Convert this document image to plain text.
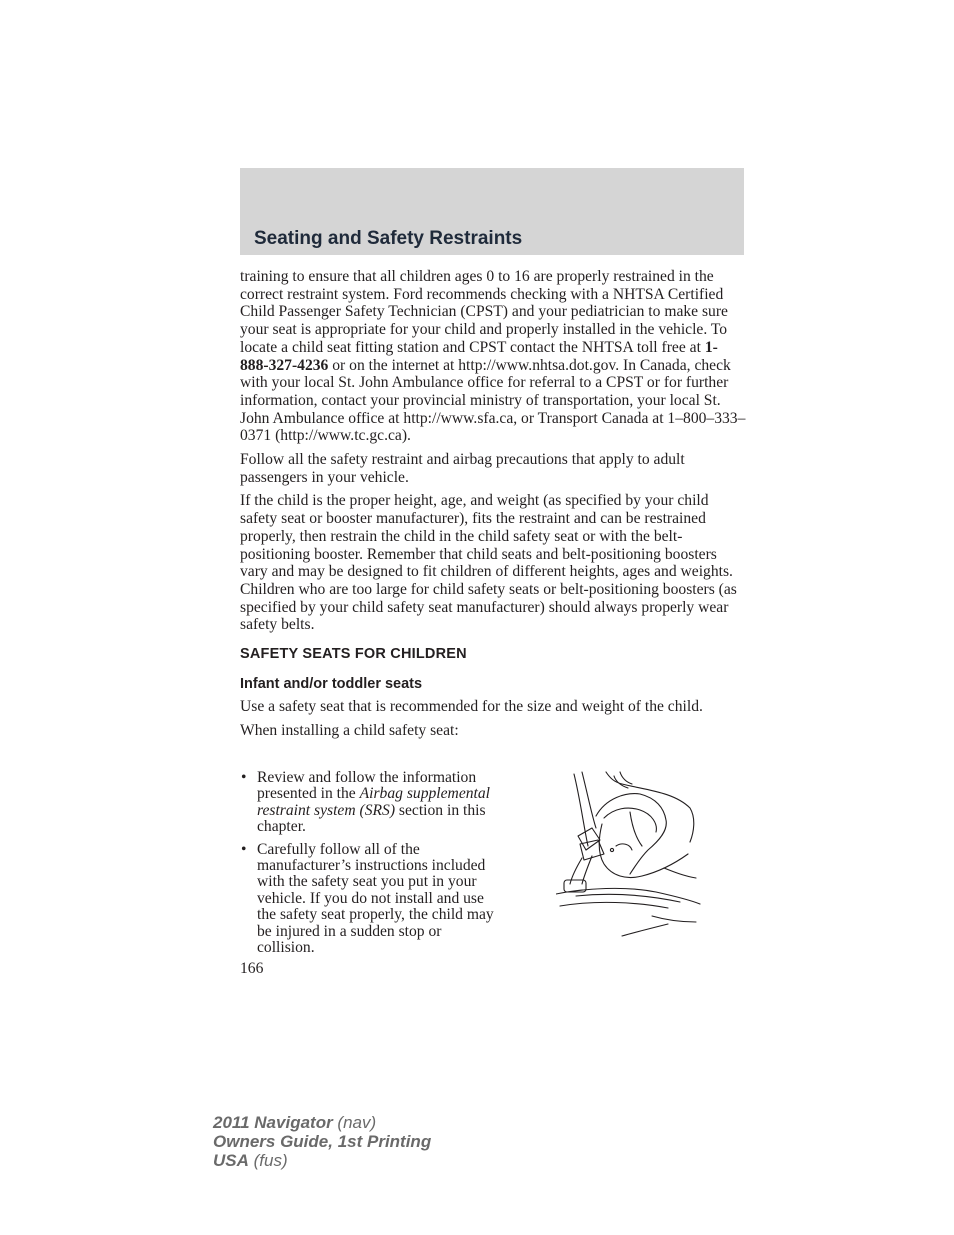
Seating and Safety Restraints

training to ensure that all children ages 0 to 16 are properly restrained in the correct restraint system. Ford recommends checking with a NHTSA Certified Child Passenger Safety Technician (CPST) and your pediatrician to make sure your seat is appropriate for your child and properly installed in the vehicle. To locate a child seat fitting station and CPST contact the NHTSA toll free at 1-888-327-4236 or on the internet at http://www.nhtsa.dot.gov. In Canada, check with your local St. John Ambulance office for referral to a CPST or for further information, contact your provincial ministry of transportation, your local St. John Ambulance office at http://www.sfa.ca, or Transport Canada at 1–800–333–0371 (http://www.tc.gc.ca).

Follow all the safety restraint and airbag precautions that apply to adult passengers in your vehicle.

If the child is the proper height, age, and weight (as specified by your child safety seat or booster manufacturer), fits the restraint and can be restrained properly, then restrain the child in the child safety seat or with the belt-positioning booster. Remember that child seats and belt-positioning boosters vary and may be designed to fit children of different heights, ages and weights. Children who are too large for child safety seats or belt-positioning boosters (as specified by your child safety seat manufacturer) should always properly wear safety belts.

SAFETY SEATS FOR CHILDREN
Infant and/or toddler seats

Use a safety seat that is recommended for the size and weight of the child.

When installing a child safety seat:

• Review and follow the information presented in the Airbag supplemental restraint system (SRS) section in this chapter.
• Carefully follow all of the manufacturer’s instructions included with the safety seat you put in your vehicle. If you do not install and use the safety seat properly, the child may be injured in a sudden stop or collision.
166
2011 Navigator (nav)
Owners Guide, 1st Printing
USA (fus)
